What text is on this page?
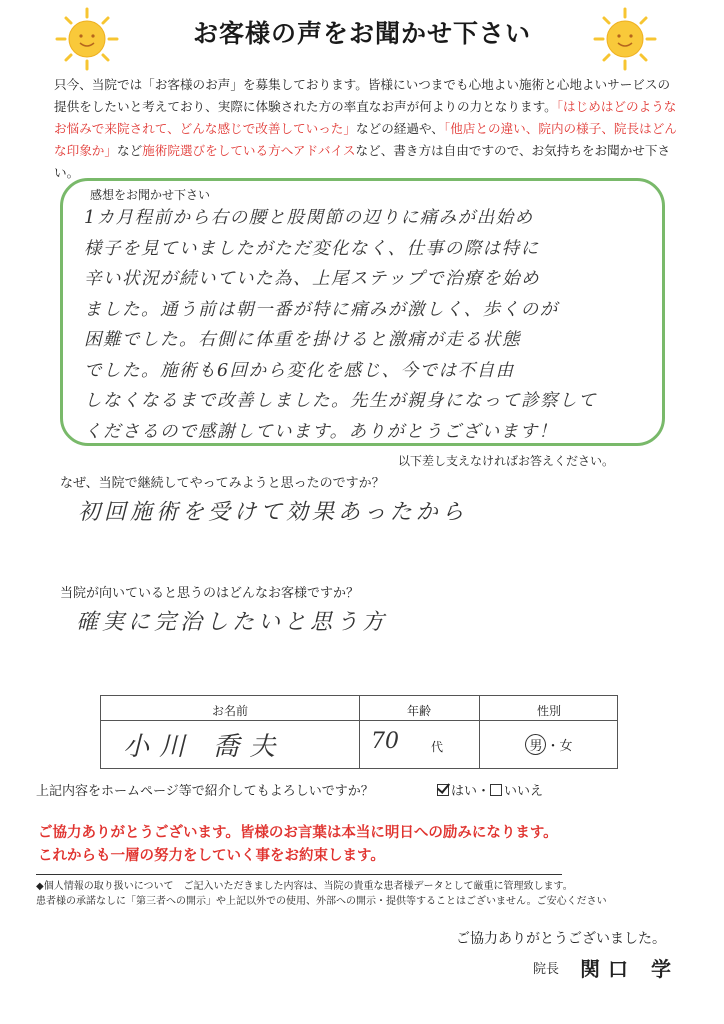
お客様の声をお聞かせ下さい
只今、当院では「お客様のお声」を募集しております。皆様にいつまでも心地よい施術と心地よいサービスの提供をしたいと考えており、実際に体験された方の率直なお声が何よりの力となります。「はじめはどのようなお悩みで来院されて、どんな感じで改善していった」などの経過や、「他店との違い、院内の様子、院長はどんな印象か」など施術院選びをしている方へアドバイスなど、書き方は自由ですので、お気持ちをお聞かせ下さい。
感想をお聞かせ下さい
1カ月程前から右の腰と股関節の辺りに痛みが出始め
様子を見ていましたがただ変化なく、仕事の際は特に
辛い状況が続いていた為、上尾ステップで治療を始め
ました。通う前は朝一番が特に痛みが激しく、歩くのが
困難でした。右側に体重を掛けると激痛が走る状態
でした。施術も6回から変化を感じ、今では不自由
しなくなるまで改善しました。先生が親身になって診察して
くださるので感謝しています。ありがとうございます！
以下差し支えなければお答えください。
なぜ、当院で継続してやってみようと思ったのですか？
初回施術を受けて効果あったから
当院が向いていると思うのはどんなお客様ですか？
確実に完治したいと思う方
お名前	年齢	性別
小川 喬夫	70	代	男 ・女
上記内容をホームページ等で紹介してもよろしいですか？	はい・ いいえ
ご協力ありがとうございます。皆様のお言葉は本当に明日への励みになります。
これからも一層の努力をしていく事をお約束します。
◆個人情報の取り扱いについて　ご記入いただきました内容は、当院の貴重な患者様データとして厳重に管理致します。
患者様の承諾なしに「第三者への開示」や上記以外での使用、外部への開示・提供等することはございません。ご安心ください
ご協力ありがとうございました。
院長 関口 学
